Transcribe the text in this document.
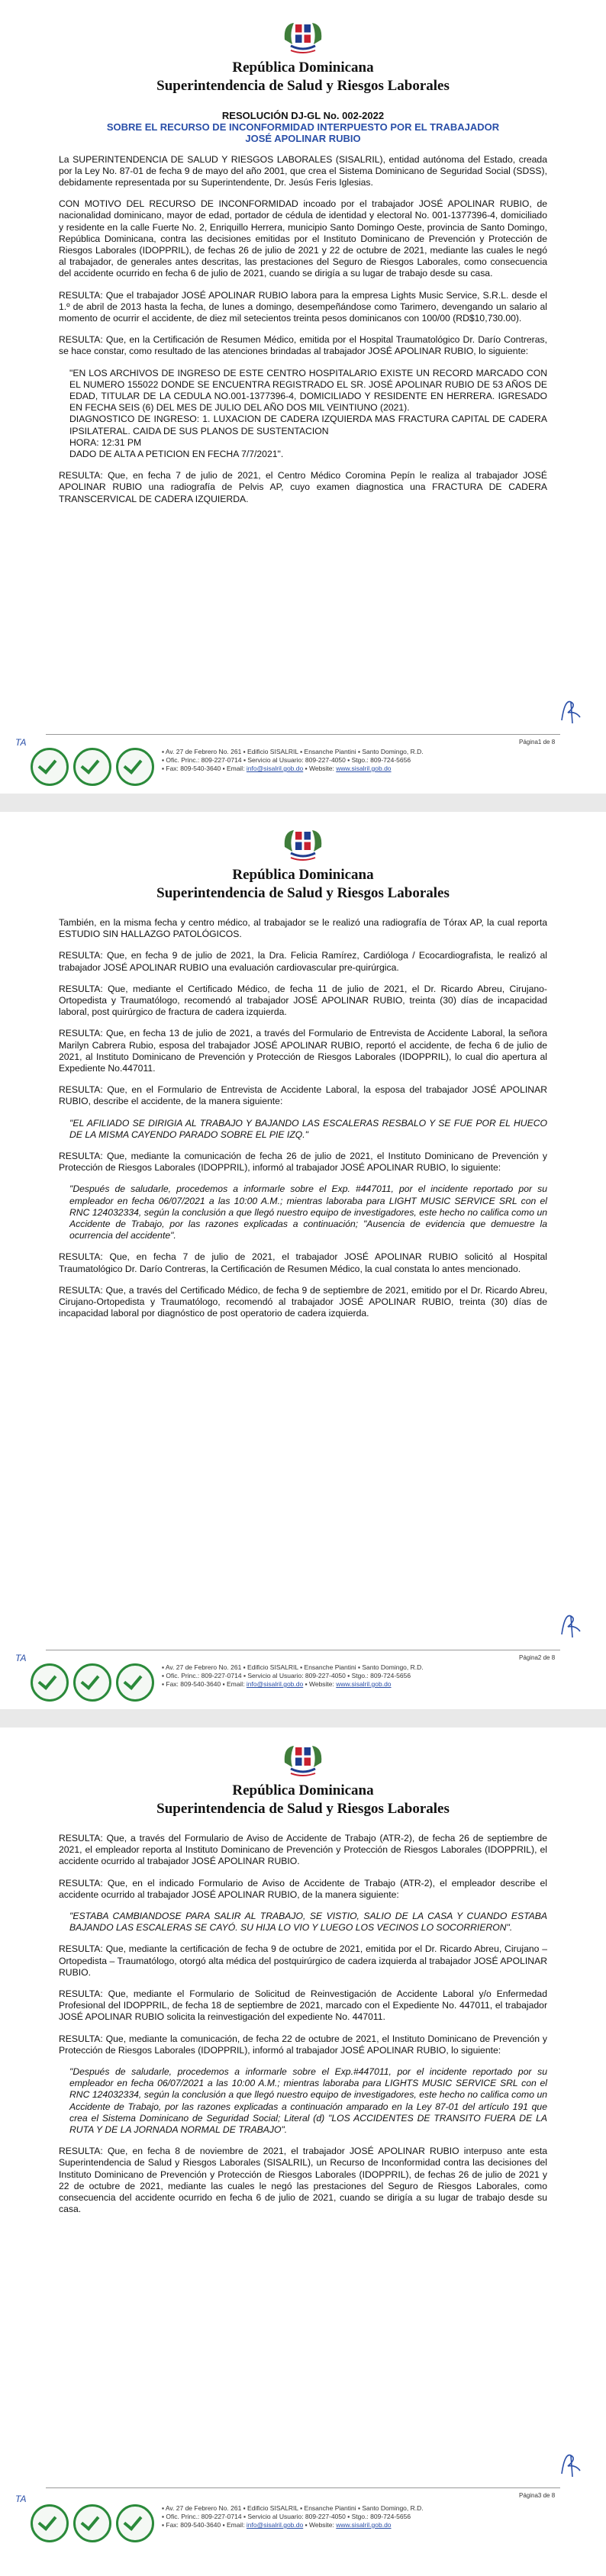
República Dominicana
Superintendencia de Salud y Riesgos Laborales
RESOLUCIÓN DJ-GL No. 002-2022
SOBRE EL RECURSO DE INCONFORMIDAD INTERPUESTO POR EL TRABAJADOR
JOSÉ APOLINAR RUBIO

La SUPERINTENDENCIA DE SALUD Y RIESGOS LABORALES (SISALRIL), entidad autónoma del Estado, creada por la Ley No. 87-01 de fecha 9 de mayo del año 2001, que crea el Sistema Dominicano de Seguridad Social (SDSS), debidamente representada por su Superintendente, Dr. Jesús Feris Iglesias.

CON MOTIVO DEL RECURSO DE INCONFORMIDAD incoado por el trabajador JOSÉ APOLINAR RUBIO, de nacionalidad dominicano, mayor de edad, portador de cédula de identidad y electoral No. 001-1377396-4, domiciliado y residente en la calle Fuerte No. 2, Enriquillo Herrera, municipio Santo Domingo Oeste, provincia de Santo Domingo, República Dominicana, contra las decisiones emitidas por el Instituto Dominicano de Prevención y Protección de Riesgos Laborales (IDOPPRIL), de fechas 26 de julio de 2021 y 22 de octubre de 2021, mediante las cuales le negó al trabajador, de generales antes descritas, las prestaciones del Seguro de Riesgos Laborales, como consecuencia del accidente ocurrido en fecha 6 de julio de 2021, cuando se dirigía a su lugar de trabajo desde su casa.

RESULTA: Que el trabajador JOSÉ APOLINAR RUBIO labora para la empresa Lights Music Service, S.R.L. desde el 1.º de abril de 2013 hasta la fecha, de lunes a domingo, desempeñándose como Tarimero, devengando un salario al momento de ocurrir el accidente, de diez mil setecientos treinta pesos dominicanos con 100/00 (RD$10,730.00).

RESULTA: Que, en la Certificación de Resumen Médico, emitida por el Hospital Traumatológico Dr. Darío Contreras, se hace constar, como resultado de las atenciones brindadas al trabajador JOSÉ APOLINAR RUBIO, lo siguiente:

"EN LOS ARCHIVOS DE INGRESO DE ESTE CENTRO HOSPITALARIO EXISTE UN RECORD MARCADO CON EL NUMERO 155022 DONDE SE ENCUENTRA REGISTRADO EL SR. JOSÉ APOLINAR RUBIO DE 53 AÑOS DE EDAD, TITULAR DE LA CEDULA NO.001-1377396-4, DOMICILIADO Y RESIDENTE EN HERRERA. IGRESADO EN FECHA SEIS (6) DEL MES DE JULIO DEL AÑO DOS MIL VEINTIUNO (2021).

DIAGNOSTICO DE INGRESO: 1. LUXACION DE CADERA IZQUIERDA MAS FRACTURA CAPITAL DE CADERA IPSILATERAL. CAIDA DE SUS PLANOS DE SUSTENTACION

HORA: 12:31 PM

DADO DE ALTA A PETICION EN FECHA 7/7/2021".

RESULTA: Que, en fecha 7 de julio de 2021, el Centro Médico Coromina Pepín le realiza al trabajador JOSÉ APOLINAR RUBIO una radiografía de Pelvis AP, cuyo examen diagnostica una FRACTURA DE CADERA TRANSCERVICAL DE CADERA IZQUIERDA.

Página1 de 8
TA
▪ Av. 27 de Febrero No. 261 ▪ Edificio SISALRIL ▪ Ensanche Piantini ▪ Santo Domingo, R.D.
▪ Ofic. Princ.: 809-227-0714 ▪ Servicio al Usuario: 809-227-4050 ▪ Stgo.: 809-724-5656
▪ Fax: 809-540-3640 ▪ Email: info@sisalril.gob.do ▪ Website: www.sisalril.gob.do
República Dominicana
Superintendencia de Salud y Riesgos Laborales

También, en la misma fecha y centro médico, al trabajador se le realizó una radiografía de Tórax AP, la cual reporta ESTUDIO SIN HALLAZGO PATOLÓGICOS.

RESULTA: Que, en fecha 9 de julio de 2021, la Dra. Felicia Ramírez, Cardióloga / Ecocardiografista, le realizó al trabajador JOSÉ APOLINAR RUBIO una evaluación cardiovascular pre-quirúrgica.

RESULTA: Que, mediante el Certificado Médico, de fecha 11 de julio de 2021, el Dr. Ricardo Abreu, Cirujano-Ortopedista y Traumatólogo, recomendó al trabajador JOSÉ APOLINAR RUBIO, treinta (30) días de incapacidad laboral, post quirúrgico de fractura de cadera izquierda.

RESULTA: Que, en fecha 13 de julio de 2021, a través del Formulario de Entrevista de Accidente Laboral, la señora Marilyn Cabrera Rubio, esposa del trabajador JOSÉ APOLINAR RUBIO, reportó el accidente, de fecha 6 de julio de 2021, al Instituto Dominicano de Prevención y Protección de Riesgos Laborales (IDOPPRIL), lo cual dio apertura al Expediente No.447011.

RESULTA: Que, en el Formulario de Entrevista de Accidente Laboral, la esposa del trabajador JOSÉ APOLINAR RUBIO, describe el accidente, de la manera siguiente:

"EL AFILIADO SE DIRIGIA AL TRABAJO Y BAJANDO LAS ESCALERAS RESBALO Y SE FUE POR EL HUECO DE LA MISMA CAYENDO PARADO SOBRE EL PIE IZQ."

RESULTA: Que, mediante la comunicación de fecha 26 de julio de 2021, el Instituto Dominicano de Prevención y Protección de Riesgos Laborales (IDOPPRIL), informó al trabajador JOSÉ APOLINAR RUBIO, lo siguiente:

"Después de saludarle, procedemos a informarle sobre el Exp. #447011, por el incidente reportado por su empleador en fecha 06/07/2021 a las 10:00 A.M.; mientras laboraba para LIGHT MUSIC SERVICE SRL con el RNC 124032334, según la conclusión a que llegó nuestro equipo de investigadores, este hecho no califica como un Accidente de Trabajo, por las razones explicadas a continuación; "Ausencia de evidencia que demuestre la ocurrencia del accidente".

RESULTA: Que, en fecha 7 de julio de 2021, el trabajador JOSÉ APOLINAR RUBIO solicitó al Hospital Traumatológico Dr. Darío Contreras, la Certificación de Resumen Médico, la cual constata lo antes mencionado.

RESULTA: Que, a través del Certificado Médico, de fecha 9 de septiembre de 2021, emitido por el Dr. Ricardo Abreu, Cirujano-Ortopedista y Traumatólogo, recomendó al trabajador JOSÉ APOLINAR RUBIO, treinta (30) días de incapacidad laboral por diagnóstico de post operatorio de cadera izquierda.

Página2 de 8
TA
▪ Av. 27 de Febrero No. 261 ▪ Edificio SISALRIL ▪ Ensanche Piantini ▪ Santo Domingo, R.D.
▪ Ofic. Princ.: 809-227-0714 ▪ Servicio al Usuario: 809-227-4050 ▪ Stgo.: 809-724-5656
▪ Fax: 809-540-3640 ▪ Email: info@sisalril.gob.do ▪ Website: www.sisalril.gob.do
República Dominicana
Superintendencia de Salud y Riesgos Laborales

RESULTA: Que, a través del Formulario de Aviso de Accidente de Trabajo (ATR-2), de fecha 26 de septiembre de 2021, el empleador reporta al Instituto Dominicano de Prevención y Protección de Riesgos Laborales (IDOPPRIL), el accidente ocurrido al trabajador JOSÉ APOLINAR RUBIO.

RESULTA: Que, en el indicado Formulario de Aviso de Accidente de Trabajo (ATR-2), el empleador describe el accidente ocurrido al trabajador JOSÉ APOLINAR RUBIO, de la manera siguiente:

"ESTABA CAMBIANDOSE PARA SALIR AL TRABAJO, SE VISTIO, SALIO DE LA CASA Y CUANDO ESTABA BAJANDO LAS ESCALERAS SE CAYÓ. SU HIJA LO VIO Y LUEGO LOS VECINOS LO SOCORRIERON".

RESULTA: Que, mediante la certificación de fecha 9 de octubre de 2021, emitida por el Dr. Ricardo Abreu, Cirujano – Ortopedista – Traumatólogo, otorgó alta médica del postquirúrgico de cadera izquierda al trabajador JOSÉ APOLINAR RUBIO.

RESULTA: Que, mediante el Formulario de Solicitud de Reinvestigación de Accidente Laboral y/o Enfermedad Profesional del IDOPPRIL, de fecha 18 de septiembre de 2021, marcado con el Expediente No. 447011, el trabajador JOSÉ APOLINAR RUBIO solicita la reinvestigación del expediente No. 447011.

RESULTA: Que, mediante la comunicación, de fecha 22 de octubre de 2021, el Instituto Dominicano de Prevención y Protección de Riesgos Laborales (IDOPPRIL), informó al trabajador JOSÉ APOLINAR RUBIO, lo siguiente:

"Después de saludarle, procedemos a informarle sobre el Exp.#447011, por el incidente reportado por su empleador en fecha 06/07/2021 a las 10:00 A.M.; mientras laboraba para LIGHTS MUSIC SERVICE SRL con el RNC 124032334, según la conclusión a que llegó nuestro equipo de investigadores, este hecho no califica como un Accidente de Trabajo, por las razones explicadas a continuación amparado en la Ley 87-01 del artículo 191 que crea el Sistema Dominicano de Seguridad Social; Literal (d) "LOS ACCIDENTES DE TRANSITO FUERA DE LA RUTA Y DE LA JORNADA NORMAL DE TRABAJO".

RESULTA: Que, en fecha 8 de noviembre de 2021, el trabajador JOSÉ APOLINAR RUBIO interpuso ante esta Superintendencia de Salud y Riesgos Laborales (SISALRIL), un Recurso de Inconformidad contra las decisiones del Instituto Dominicano de Prevención y Protección de Riesgos Laborales (IDOPPRIL), de fechas 26 de julio de 2021 y 22 de octubre de 2021, mediante las cuales le negó las prestaciones del Seguro de Riesgos Laborales, como consecuencia del accidente ocurrido en fecha 6 de julio de 2021, cuando se dirigía a su lugar de trabajo desde su casa.

Página3 de 8
TA
▪ Av. 27 de Febrero No. 261 ▪ Edificio SISALRIL ▪ Ensanche Piantini ▪ Santo Domingo, R.D.
▪ Ofic. Princ.: 809-227-0714 ▪ Servicio al Usuario: 809-227-4050 ▪ Stgo.: 809-724-5656
▪ Fax: 809-540-3640 ▪ Email: info@sisalril.gob.do ▪ Website: www.sisalril.gob.do
